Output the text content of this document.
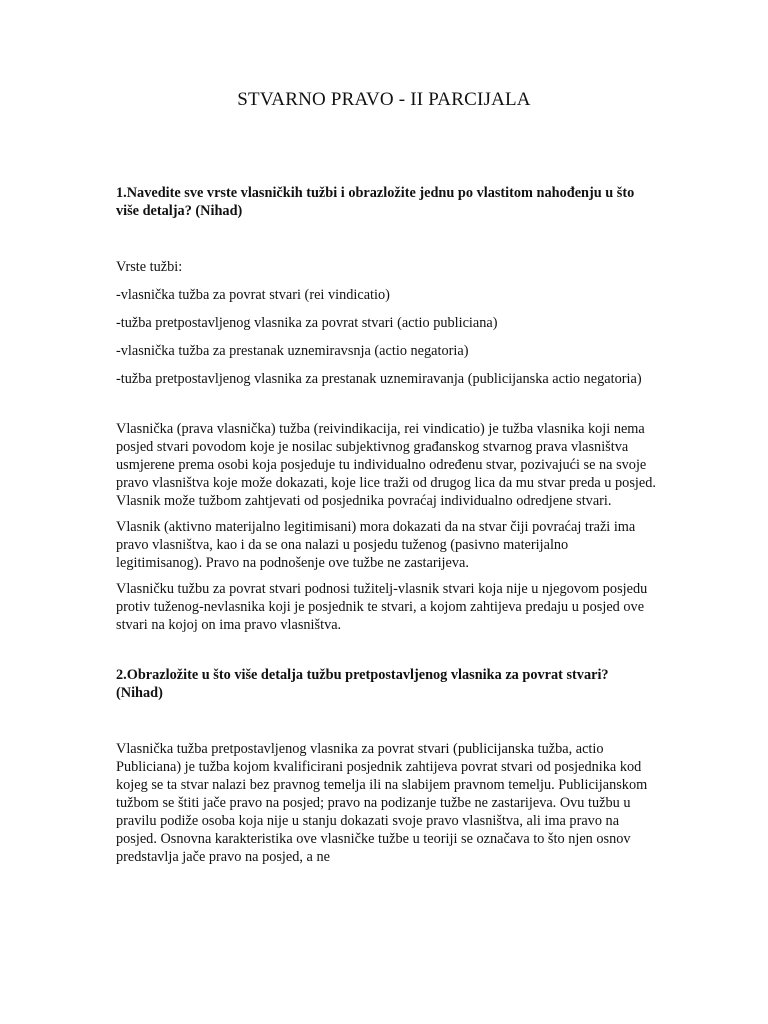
STVARNO PRAVO - II PARCIJALA

1.Navedite sve vrste vlasničkih tužbi i obrazložite jednu po vlastitom nahođenju u što više detalja? (Nihad)

Vrste tužbi:

-vlasnička tužba za povrat stvari (rei vindicatio)

-tužba pretpostavljenog vlasnika za povrat stvari (actio publiciana)

-vlasnička tužba za prestanak uznemiravsnja (actio negatoria)

-tužba pretpostavljenog vlasnika za prestanak uznemiravanja (publicijanska actio negatoria)

Vlasnička (prava vlasnička) tužba (reivindikacija, rei vindicatio) je tužba vlasnika koji nema posjed stvari povodom koje je nosilac subjektivnog građanskog stvarnog prava vlasništva usmjerene prema osobi koja posjeduje tu individualno određenu stvar, pozivajući se na svoje pravo vlasništva koje može dokazati, koje lice traži od drugog lica da mu stvar preda u posjed. Vlasnik može tužbom zahtjevati od posjednika povraćaj individualno odredjene stvari.

Vlasnik (aktivno materijalno legitimisani) mora dokazati da na stvar čiji povraćaj traži ima pravo vlasništva, kao i da se ona nalazi u posjedu tuženog (pasivno materijalno legitimisanog). Pravo na podnošenje ove tužbe ne zastarijeva.

Vlasničku tužbu za povrat stvari podnosi tužitelj-vlasnik stvari koja nije u njegovom posjedu protiv tuženog-nevlasnika koji je posjednik te stvari, a kojom zahtijeva predaju u posjed ove stvari na kojoj on ima pravo vlasništva.

2.Obrazložite u što više detalja tužbu pretpostavljenog vlasnika za povrat stvari? (Nihad)

Vlasnička tužba pretpostavljenog vlasnika za povrat stvari (publicijanska tužba, actio Publiciana) je tužba kojom kvalificirani posjednik zahtijeva povrat stvari od posjednika kod kojeg se ta stvar nalazi bez pravnog temelja ili na slabijem pravnom temelju. Publicijanskom tužbom se štiti jače pravo na posjed; pravo na podizanje tužbe ne zastarijeva. Ovu tužbu u pravilu podiže osoba koja nije u stanju dokazati svoje pravo vlasništva, ali ima pravo na posjed. Osnovna karakteristika ove vlasničke tužbe u teoriji se označava to što njen osnov predstavlja jače pravo na posjed, a ne
